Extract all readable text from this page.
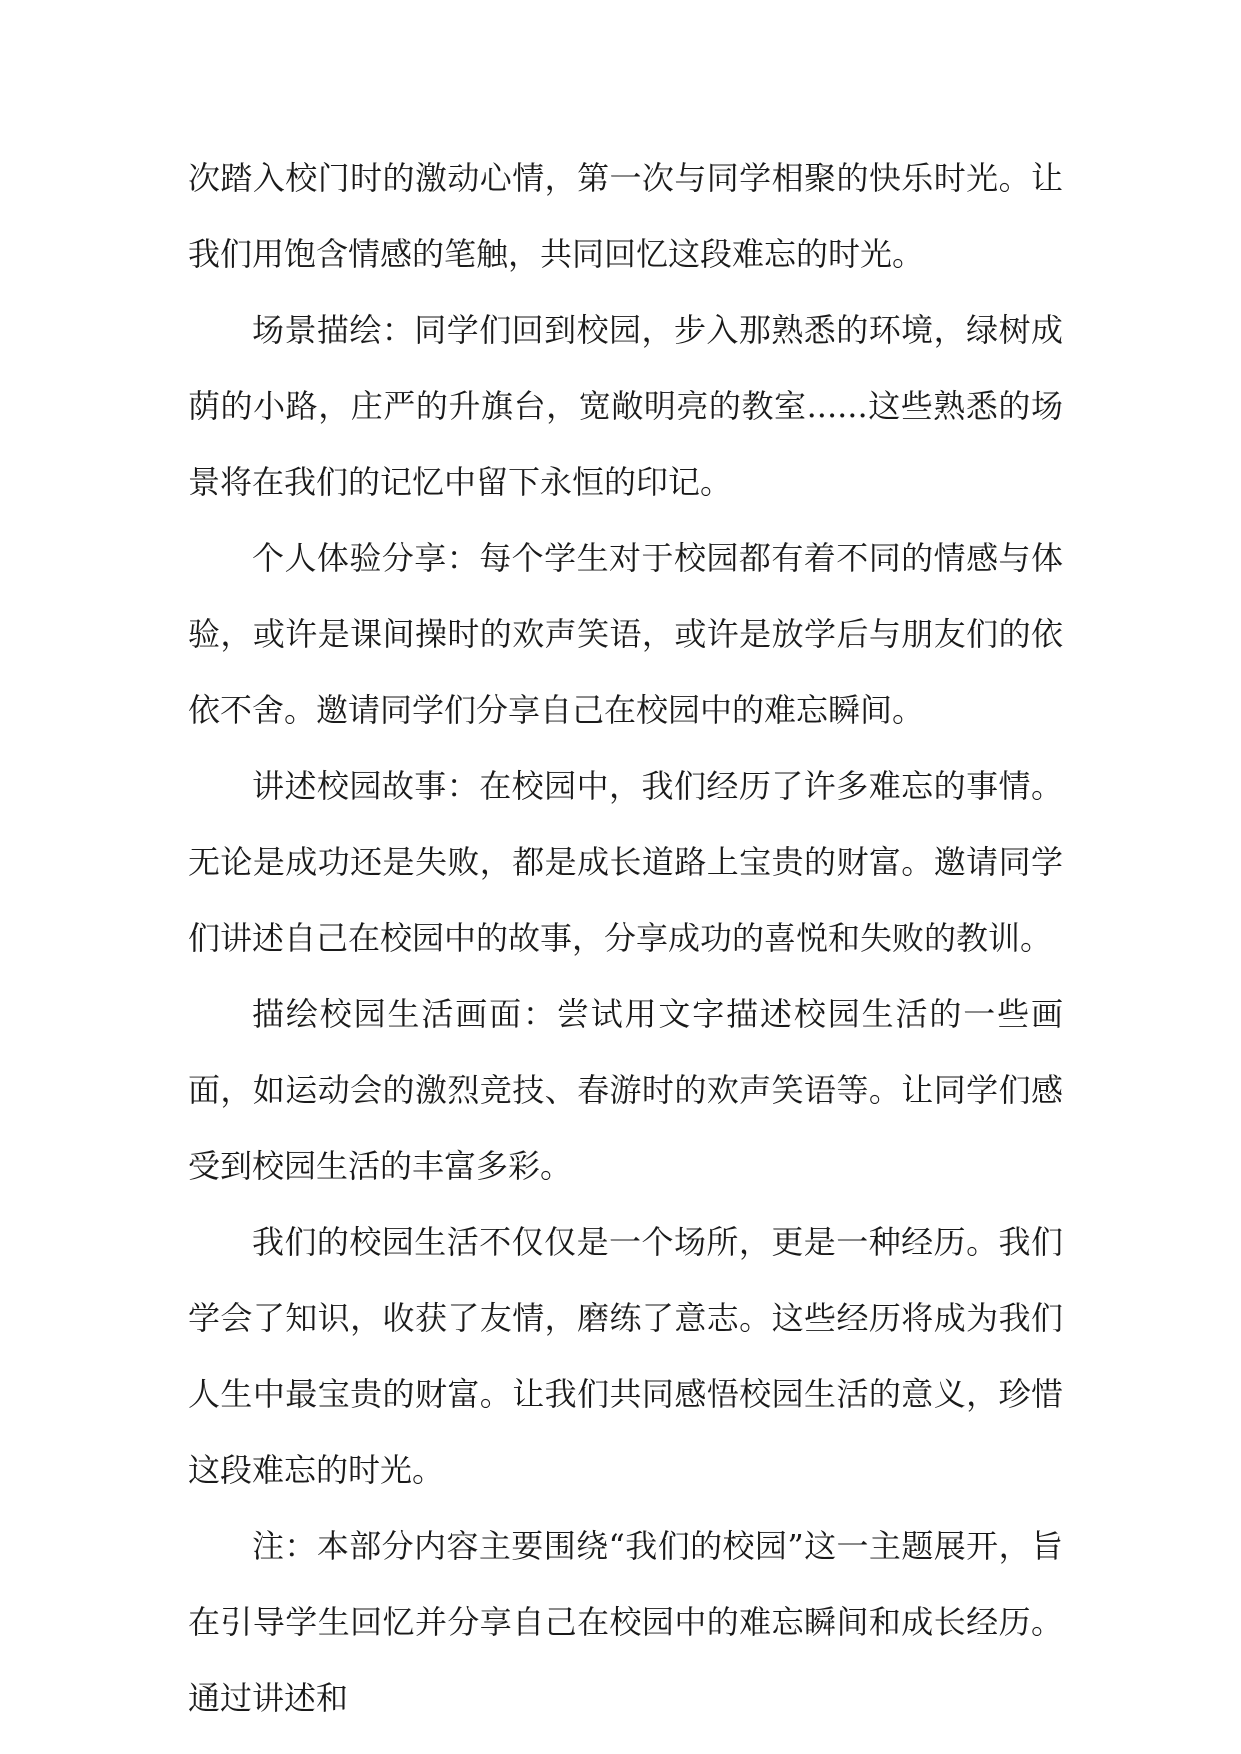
次踏入校门时的激动心情，第一次与同学相聚的快乐时光。让我们用饱含情感的笔触，共同回忆这段难忘的时光。

场景描绘：同学们回到校园，步入那熟悉的环境，绿树成荫的小路，庄严的升旗台，宽敞明亮的教室......这些熟悉的场景将在我们的记忆中留下永恒的印记。

个人体验分享：每个学生对于校园都有着不同的情感与体验，或许是课间操时的欢声笑语，或许是放学后与朋友们的依依不舍。邀请同学们分享自己在校园中的难忘瞬间。

讲述校园故事：在校园中，我们经历了许多难忘的事情。无论是成功还是失败，都是成长道路上宝贵的财富。邀请同学们讲述自己在校园中的故事，分享成功的喜悦和失败的教训。

描绘校园生活画面：尝试用文字描述校园生活的一些画面，如运动会的激烈竞技、春游时的欢声笑语等。让同学们感受到校园生活的丰富多彩。

我们的校园生活不仅仅是一个场所，更是一种经历。我们学会了知识，收获了友情，磨练了意志。这些经历将成为我们人生中最宝贵的财富。让我们共同感悟校园生活的意义，珍惜这段难忘的时光。

注：本部分内容主要围绕“我们的校园”这一主题展开，旨在引导学生回忆并分享自己在校园中的难忘瞬间和成长经历。通过讲述和
